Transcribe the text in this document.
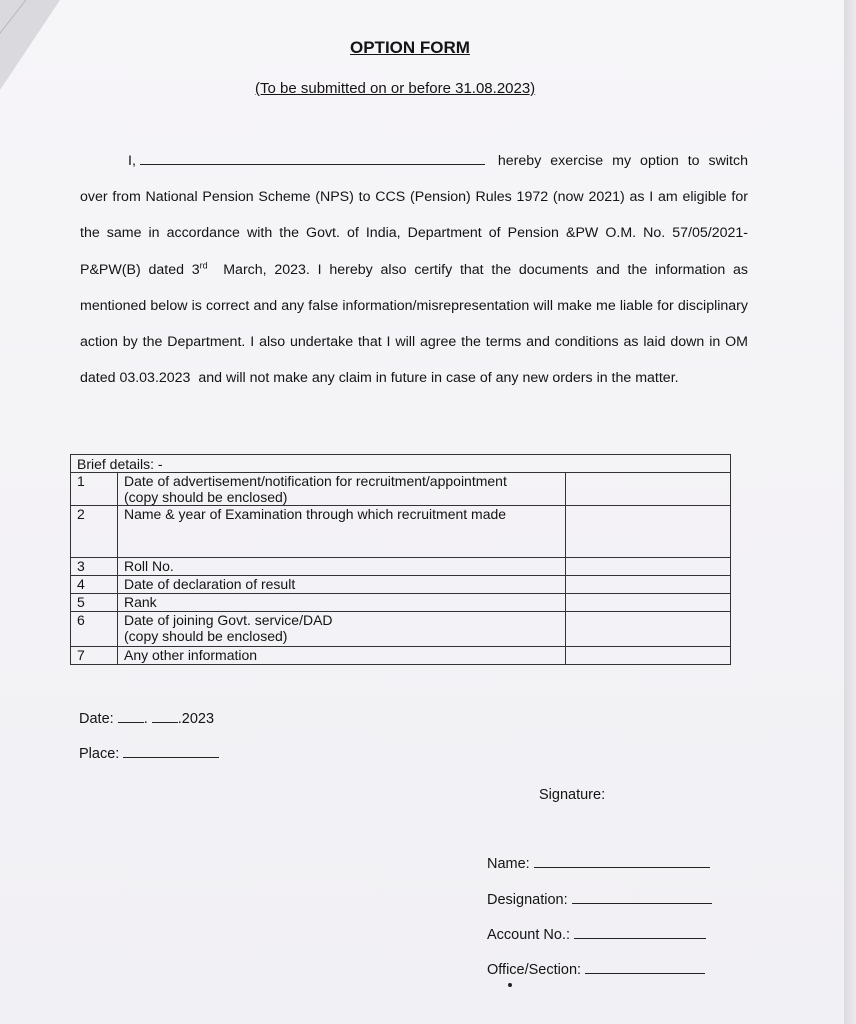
OPTION FORM
(To be submitted on or before 31.08.2023)
I,	hereby exercise my option to switch over from National Pension Scheme (NPS) to CCS (Pension) Rules 1972 (now 2021) as I am eligible for the same in accordance with the Govt. of India, Department of Pension &PW O.M. No. 57/05/2021-P&PW(B) dated 3rd  March, 2023. I hereby also certify that the documents and the information as mentioned below is correct and any false information/misrepresentation will make me liable for disciplinary action by the Department. I also undertake that I will agree the terms and conditions as laid down in OM dated 03.03.2023  and will not make any claim in future in case of any new orders in the matter.
Brief details: -		
1	Date of advertisement/notification for recruitment/appointment
(copy should be enclosed)	
2	Name & year of Examination through which recruitment made	
3	Roll No.	
4	Date of declaration of result	
5	Rank	
6	Date of joining Govt. service/DAD
(copy should be enclosed)	
7	Any other information	
Date: . .2023
Place:
Signature:
Name:
Designation:
Account No.:
Office/Section:
